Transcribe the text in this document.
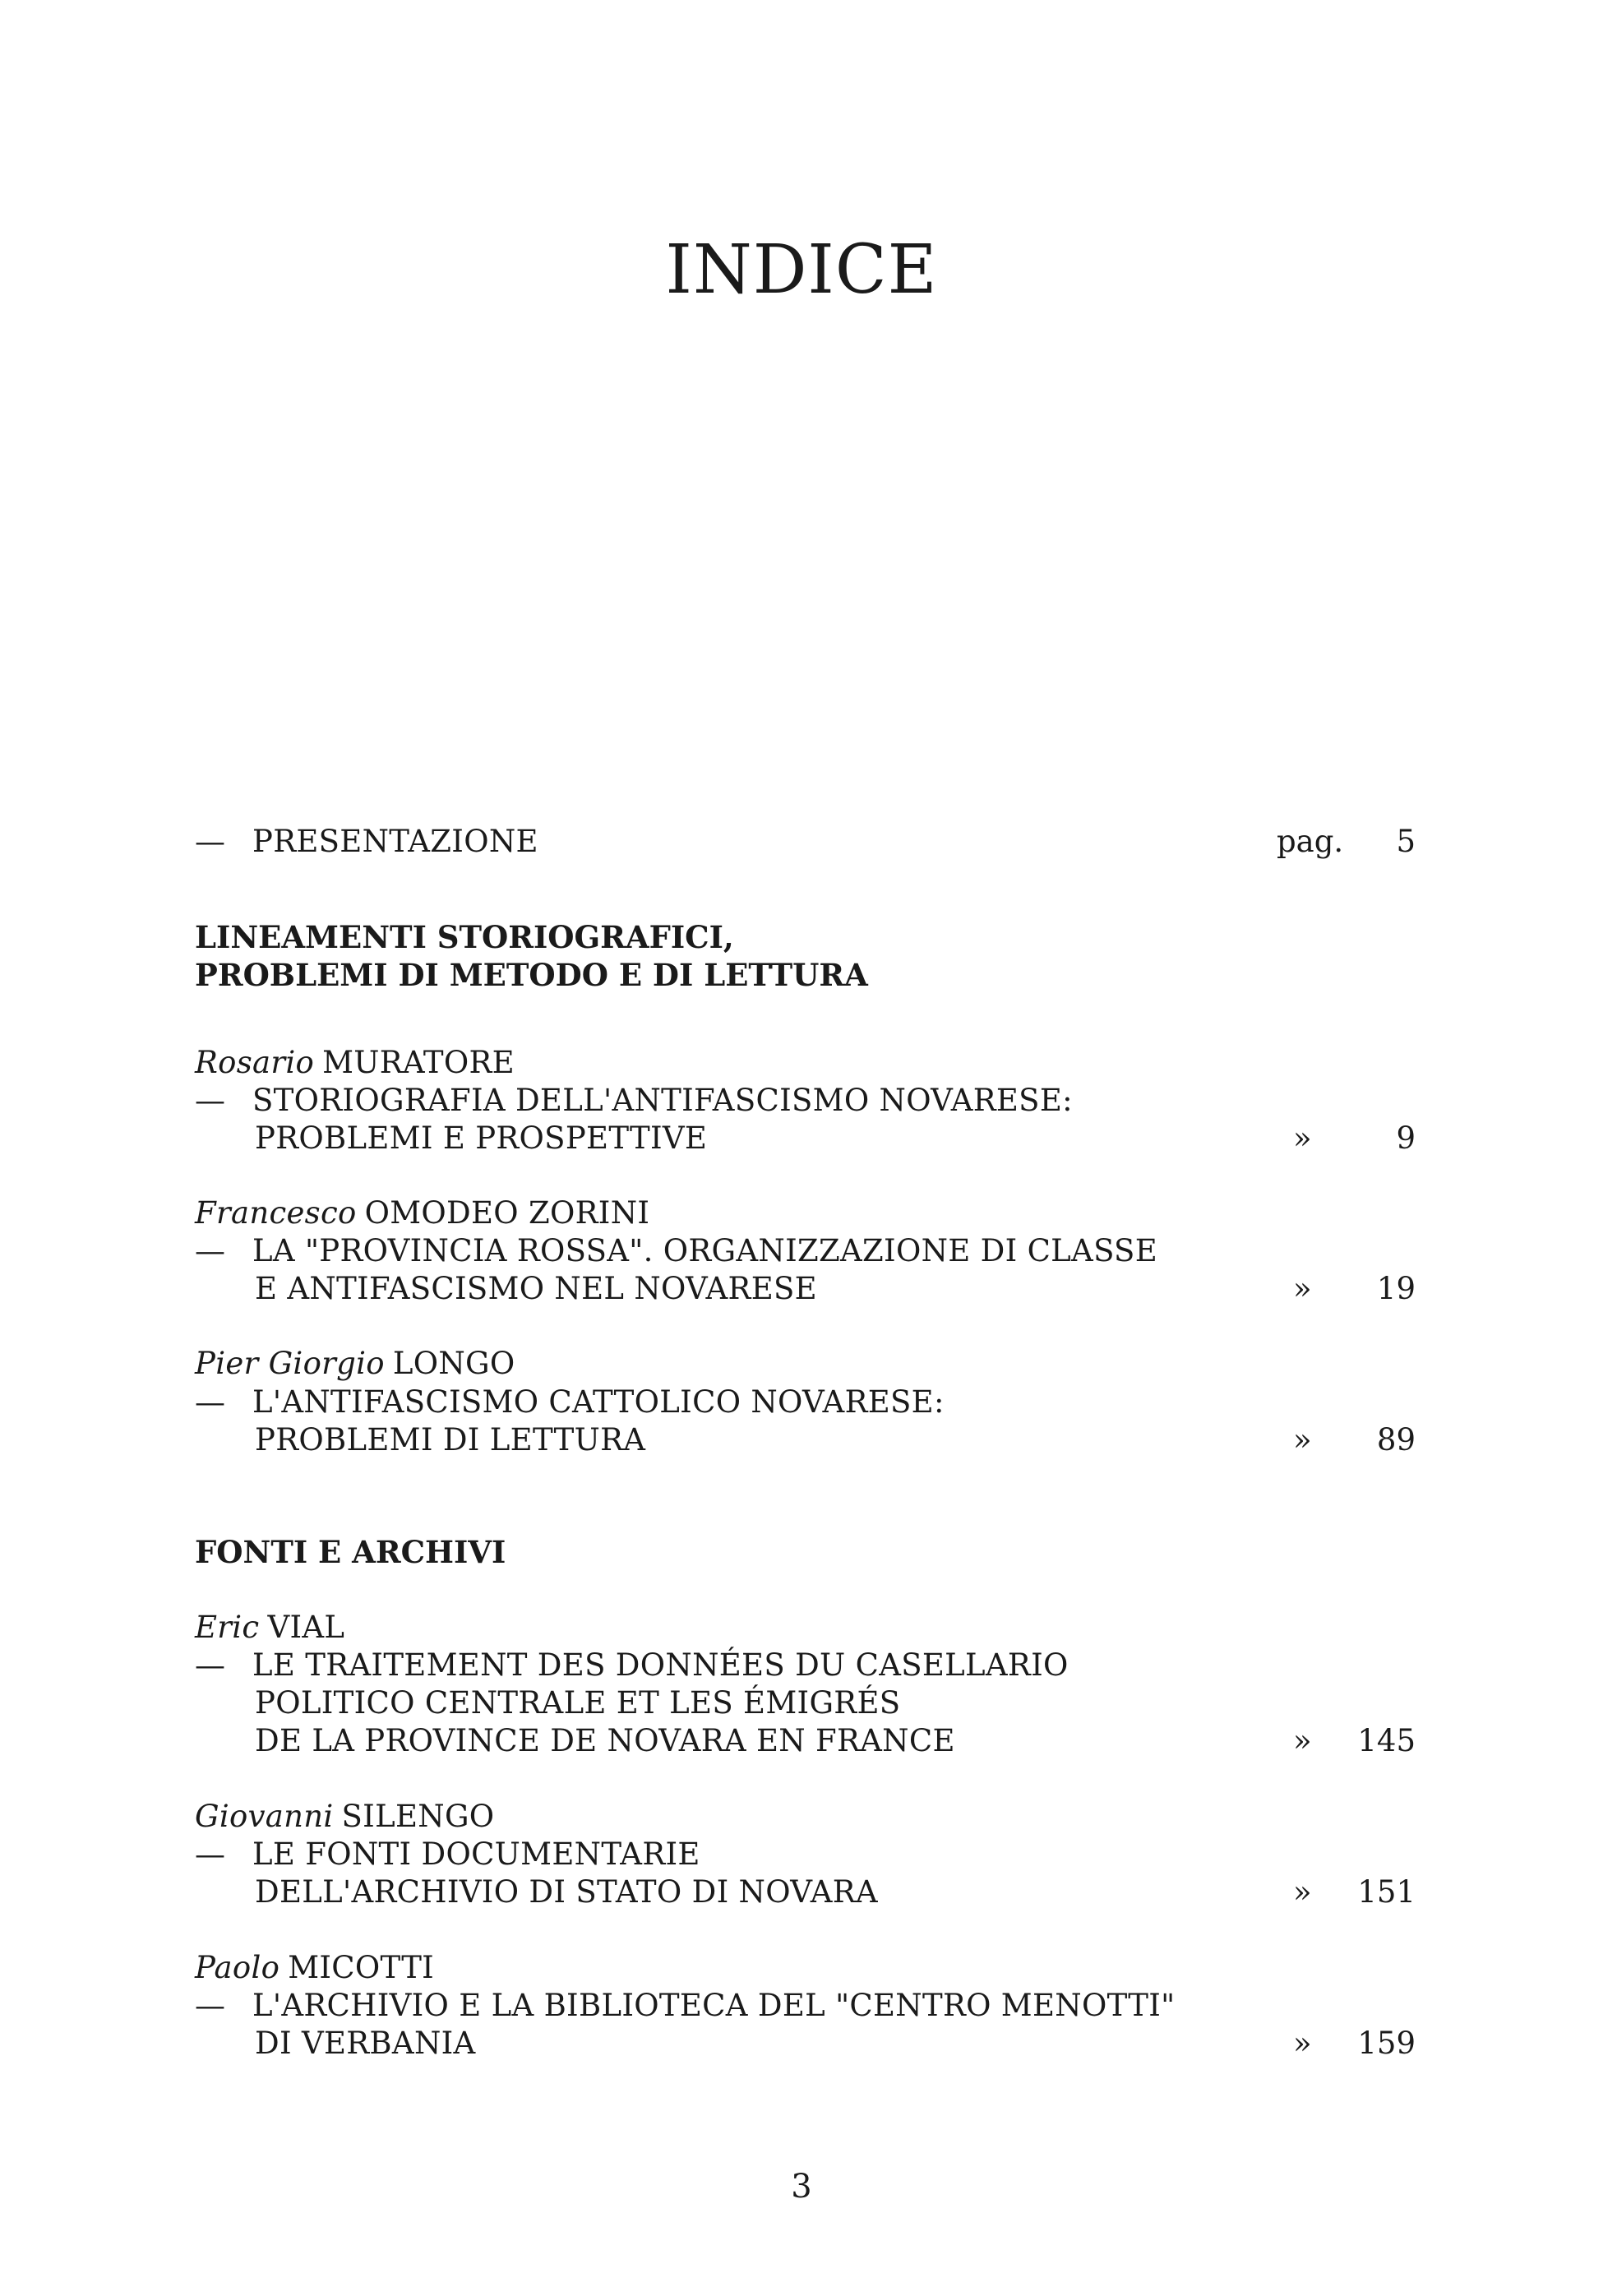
INDICE
— PRESENTAZIONE	pag. 5
LINEAMENTI STORIOGRAFICI,
PROBLEMI DI METODO E DI LETTURA
Rosario MURATORE
— STORIOGRAFIA DELL'ANTIFASCISMO NOVARESE:
PROBLEMI E PROSPETTIVE	»	9
Francesco OMODEO ZORINI
— LA "PROVINCIA ROSSA". ORGANIZZAZIONE DI CLASSE
E ANTIFASCISMO NEL NOVARESE	» 19
Pier Giorgio LONGO
— L'ANTIFASCISMO CATTOLICO NOVARESE:
PROBLEMI DI LETTURA	» 89
FONTI E ARCHIVI
Eric VIAL
— LE TRAITEMENT DES DONNÉES DU CASELLARIO
POLITICO CENTRALE ET LES ÉMIGRÉS
DE LA PROVINCE DE NOVARA EN FRANCE	» 145
Giovanni SILENGO
— LE FONTI DOCUMENTARIE
DELL'ARCHIVIO DI STATO DI NOVARA	» 151
Paolo MICOTTI
— L'ARCHIVIO E LA BIBLIOTECA DEL "CENTRO MENOTTI"
DI VERBANIA	» 159
3
